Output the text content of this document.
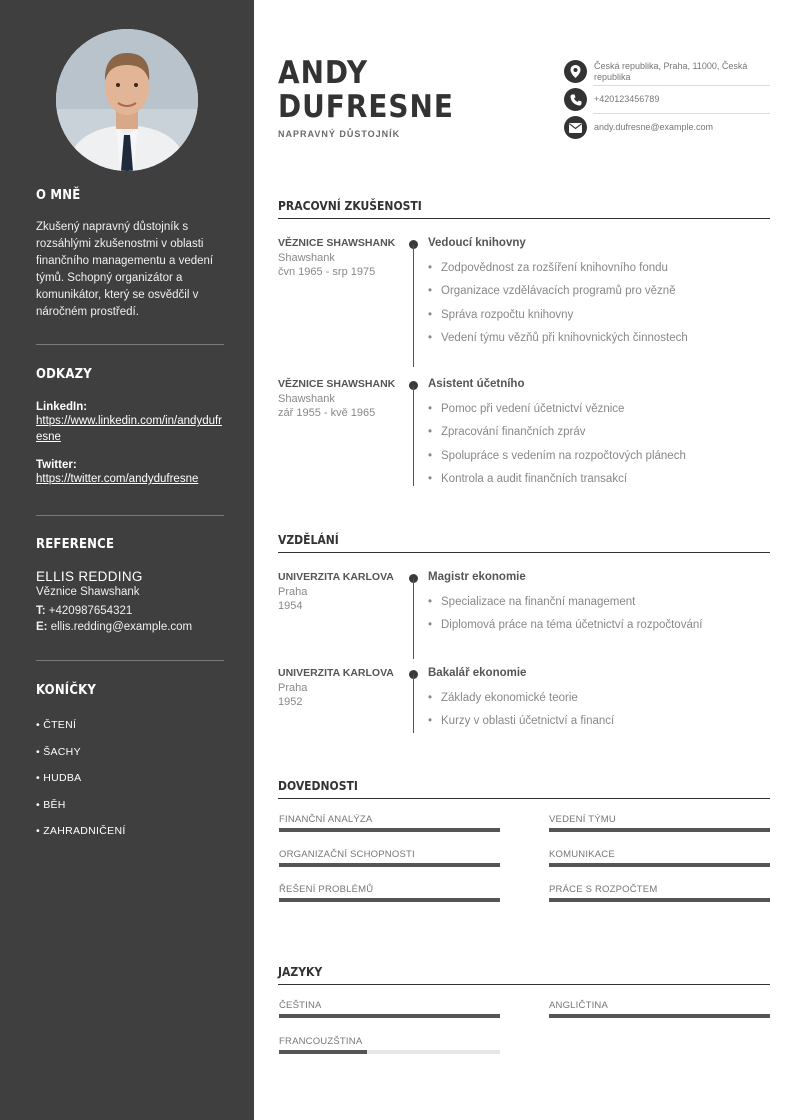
O MNĚ
Zkušený napravný důstojník s rozsáhlými zkušenostmi v oblasti finančního managementu a vedení týmů. Schopný organizátor a komunikátor, který se osvědčil v náročném prostředí.
ODKAZY
LinkedIn:
https://www.linkedin.com/in/andydufresne
Twitter:
https://twitter.com/andydufresne
REFERENCE
ELLIS REDDING
Věznice Shawshank
T: +420987654321
E: ellis.redding@example.com
KONÍČKY
• ČTENÍ
• ŠACHY
• HUDBA
• BĚH
• ZAHRADNIČENÍ
ANDY
DUFRESNE
NAPRAVNÝ DŮSTOJNÍK
Česká republika, Praha, 11000, Česká republika
+420123456789
andy.dufresne@example.com
PRACOVNÍ ZKUŠENOSTI
VĚZNICE SHAWSHANK
Shawshank
čvn 1965 - srp 1975
Vedoucí knihovny
• Zodpovědnost za rozšíření knihovního fondu
• Organizace vzdělávacích programů pro vězně
• Správa rozpočtu knihovny
• Vedení týmu vězňů při knihovnických činnostech
VĚZNICE SHAWSHANK
Shawshank
zář 1955 - kvě 1965
Asistent účetního
• Pomoc při vedení účetnictví věznice
• Zpracování finančních zpráv
• Spolupráce s vedením na rozpočtových plánech
• Kontrola a audit finančních transakcí
VZDĚLÁNÍ
UNIVERZITA KARLOVA
Praha
1954
Magistr ekonomie
• Specializace na finanční management
• Diplomová práce na téma účetnictví a rozpočtování
UNIVERZITA KARLOVA
Praha
1952
Bakalář ekonomie
• Základy ekonomické teorie
• Kurzy v oblasti účetnictví a financí
DOVEDNOSTI
FINANČNÍ ANALÝZA	VEDENÍ TÝMU
ORGANIZAČNÍ SCHOPNOSTI	KOMUNIKACE
ŘEŠENÍ PROBLÉMŮ	PRÁCE S ROZPOČTEM
JAZYKY
ČEŠTINA	ANGLIČTINA
FRANCOUZŠTINA
